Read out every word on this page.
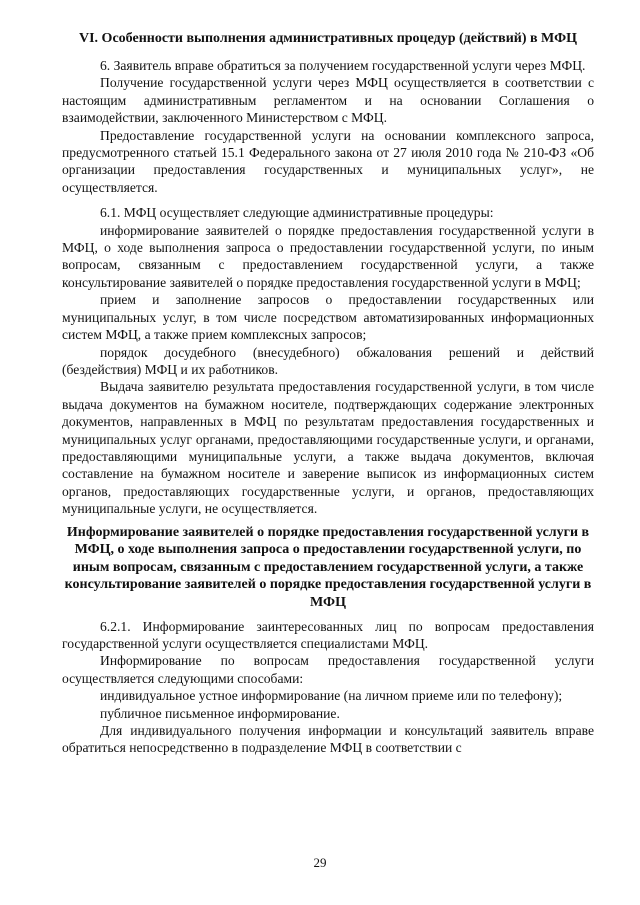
VI. Особенности выполнения административных процедур (действий) в МФЦ

6. Заявитель вправе обратиться за получением государственной услуги через МФЦ.

Получение государственной услуги через МФЦ осуществляется в соответствии с настоящим административным регламентом и на основании Соглашения о взаимодействии, заключенного Министерством с МФЦ.

Предоставление государственной услуги на основании комплексного запроса, предусмотренного статьей 15.1 Федерального закона от 27 июля 2010 года № 210-ФЗ «Об организации предоставления государственных и муниципальных услуг», не осуществляется.

6.1. МФЦ осуществляет следующие административные процедуры:

информирование заявителей о порядке предоставления государственной услуги в МФЦ, о ходе выполнения запроса о предоставлении государственной услуги, по иным вопросам, связанным с предоставлением государственной услуги, а также консультирование заявителей о порядке предоставления государственной услуги в МФЦ;

прием и заполнение запросов о предоставлении государственных или муниципальных услуг, в том числе посредством автоматизированных информационных систем МФЦ, а также прием комплексных запросов;

порядок досудебного (внесудебного) обжалования решений и действий (бездействия) МФЦ и их работников.

Выдача заявителю результата предоставления государственной услуги, в том числе выдача документов на бумажном носителе, подтверждающих содержание электронных документов, направленных в МФЦ по результатам предоставления государственных и муниципальных услуг органами, предоставляющими государственные услуги, и органами, предоставляющими муниципальные услуги, а также выдача документов, включая составление на бумажном носителе и заверение выписок из информационных систем органов, предоставляющих государственные услуги, и органов, предоставляющих муниципальные услуги, не осуществляется.

Информирование заявителей о порядке предоставления государственной услуги в МФЦ, о ходе выполнения запроса о предоставлении государственной услуги, по иным вопросам, связанным с предоставлением государственной услуги, а также консультирование заявителей о порядке предоставления государственной услуги в МФЦ

6.2.1. Информирование заинтересованных лиц по вопросам предоставления государственной услуги осуществляется специалистами МФЦ.

Информирование по вопросам предоставления государственной услуги осуществляется следующими способами:

индивидуальное устное информирование (на личном приеме или по телефону);

публичное письменное информирование.

Для индивидуального получения информации и консультаций заявитель вправе обратиться непосредственно в подразделение МФЦ в соответствии с

29
